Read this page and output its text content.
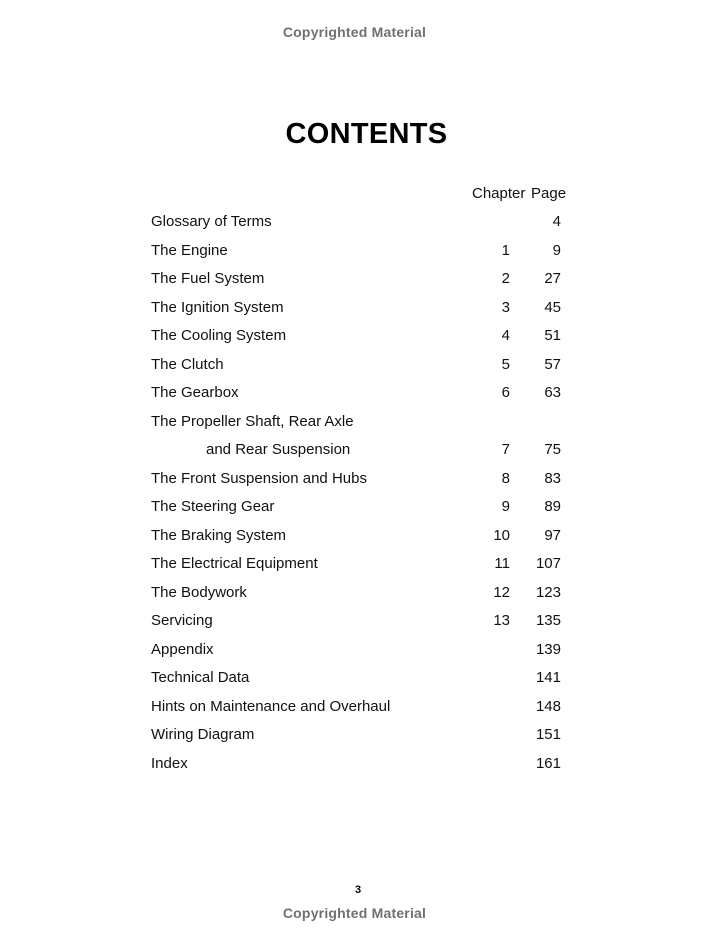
Copyrighted Material
CONTENTS
Chapter Page
Glossary of Terms	4
The Engine	1	9
The Fuel System	2 27
The Ignition System	3 45
The Cooling System	4 51
The Clutch	5 57
The Gearbox	6 63
The Propeller Shaft, Rear Axle
and Rear Suspension	7 75
The Front Suspension and Hubs	8 83
The Steering Gear	9 89
The Braking System	10 97
The Electrical Equipment	11 107
The Bodywork	12 123
Servicing	13 135
Appendix	139
Technical Data	141
Hints on Maintenance and Overhaul	148
Wiring Diagram	151
Index	161
3
Copyrighted Material
